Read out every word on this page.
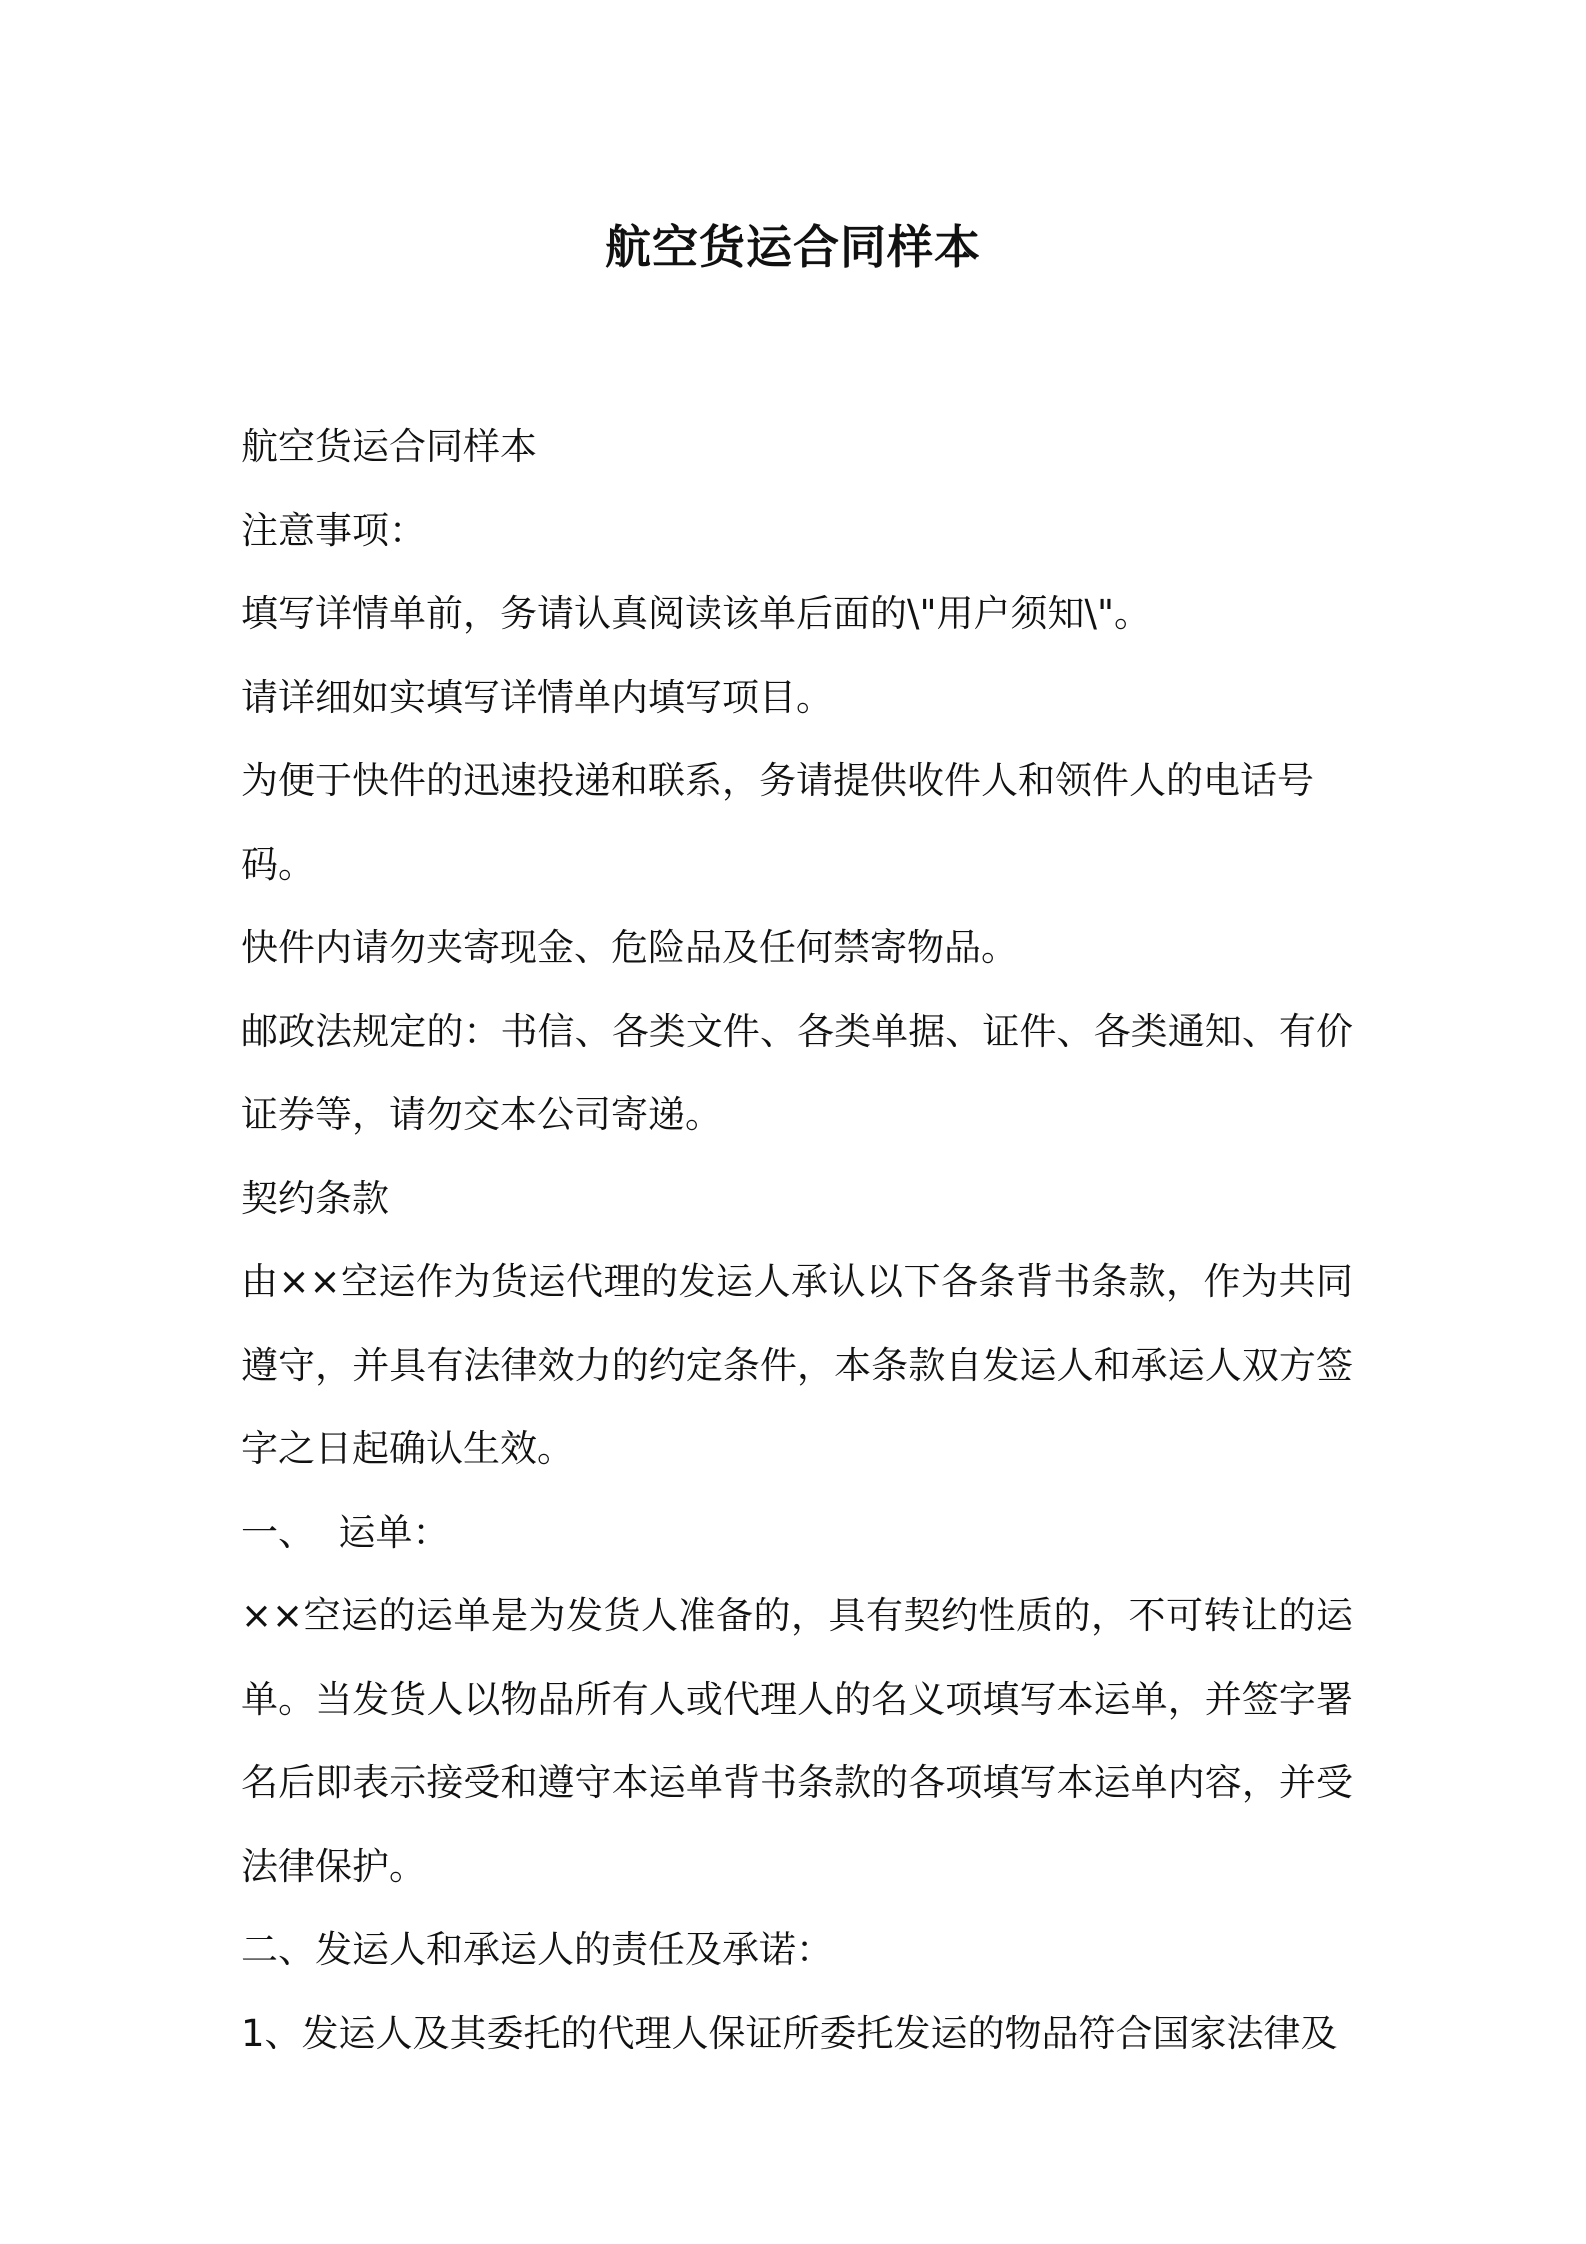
航空货运合同样本

航空货运合同样本

注意事项：

填写详情单前，务请认真阅读该单后面的\"用户须知\"。

请详细如实填写详情单内填写项目。

为便于快件的迅速投递和联系，务请提供收件人和领件人的电话号码。

快件内请勿夹寄现金、危险品及任何禁寄物品。

邮政法规定的：书信、各类文件、各类单据、证件、各类通知、有价证券等，请勿交本公司寄递。

契约条款

由××空运作为货运代理的发运人承认以下各条背书条款，作为共同遵守，并具有法律效力的约定条件，本条款自发运人和承运人双方签字之日起确认生效。

一、  运单：

××空运的运单是为发货人准备的，具有契约性质的，不可转让的运单。当发货人以物品所有人或代理人的名义项填写本运单，并签字署名后即表示接受和遵守本运单背书条款的各项填写本运单内容，并受法律保护。

二、发运人和承运人的责任及承诺：

1、发运人及其委托的代理人保证所委托发运的物品符合国家法律及
